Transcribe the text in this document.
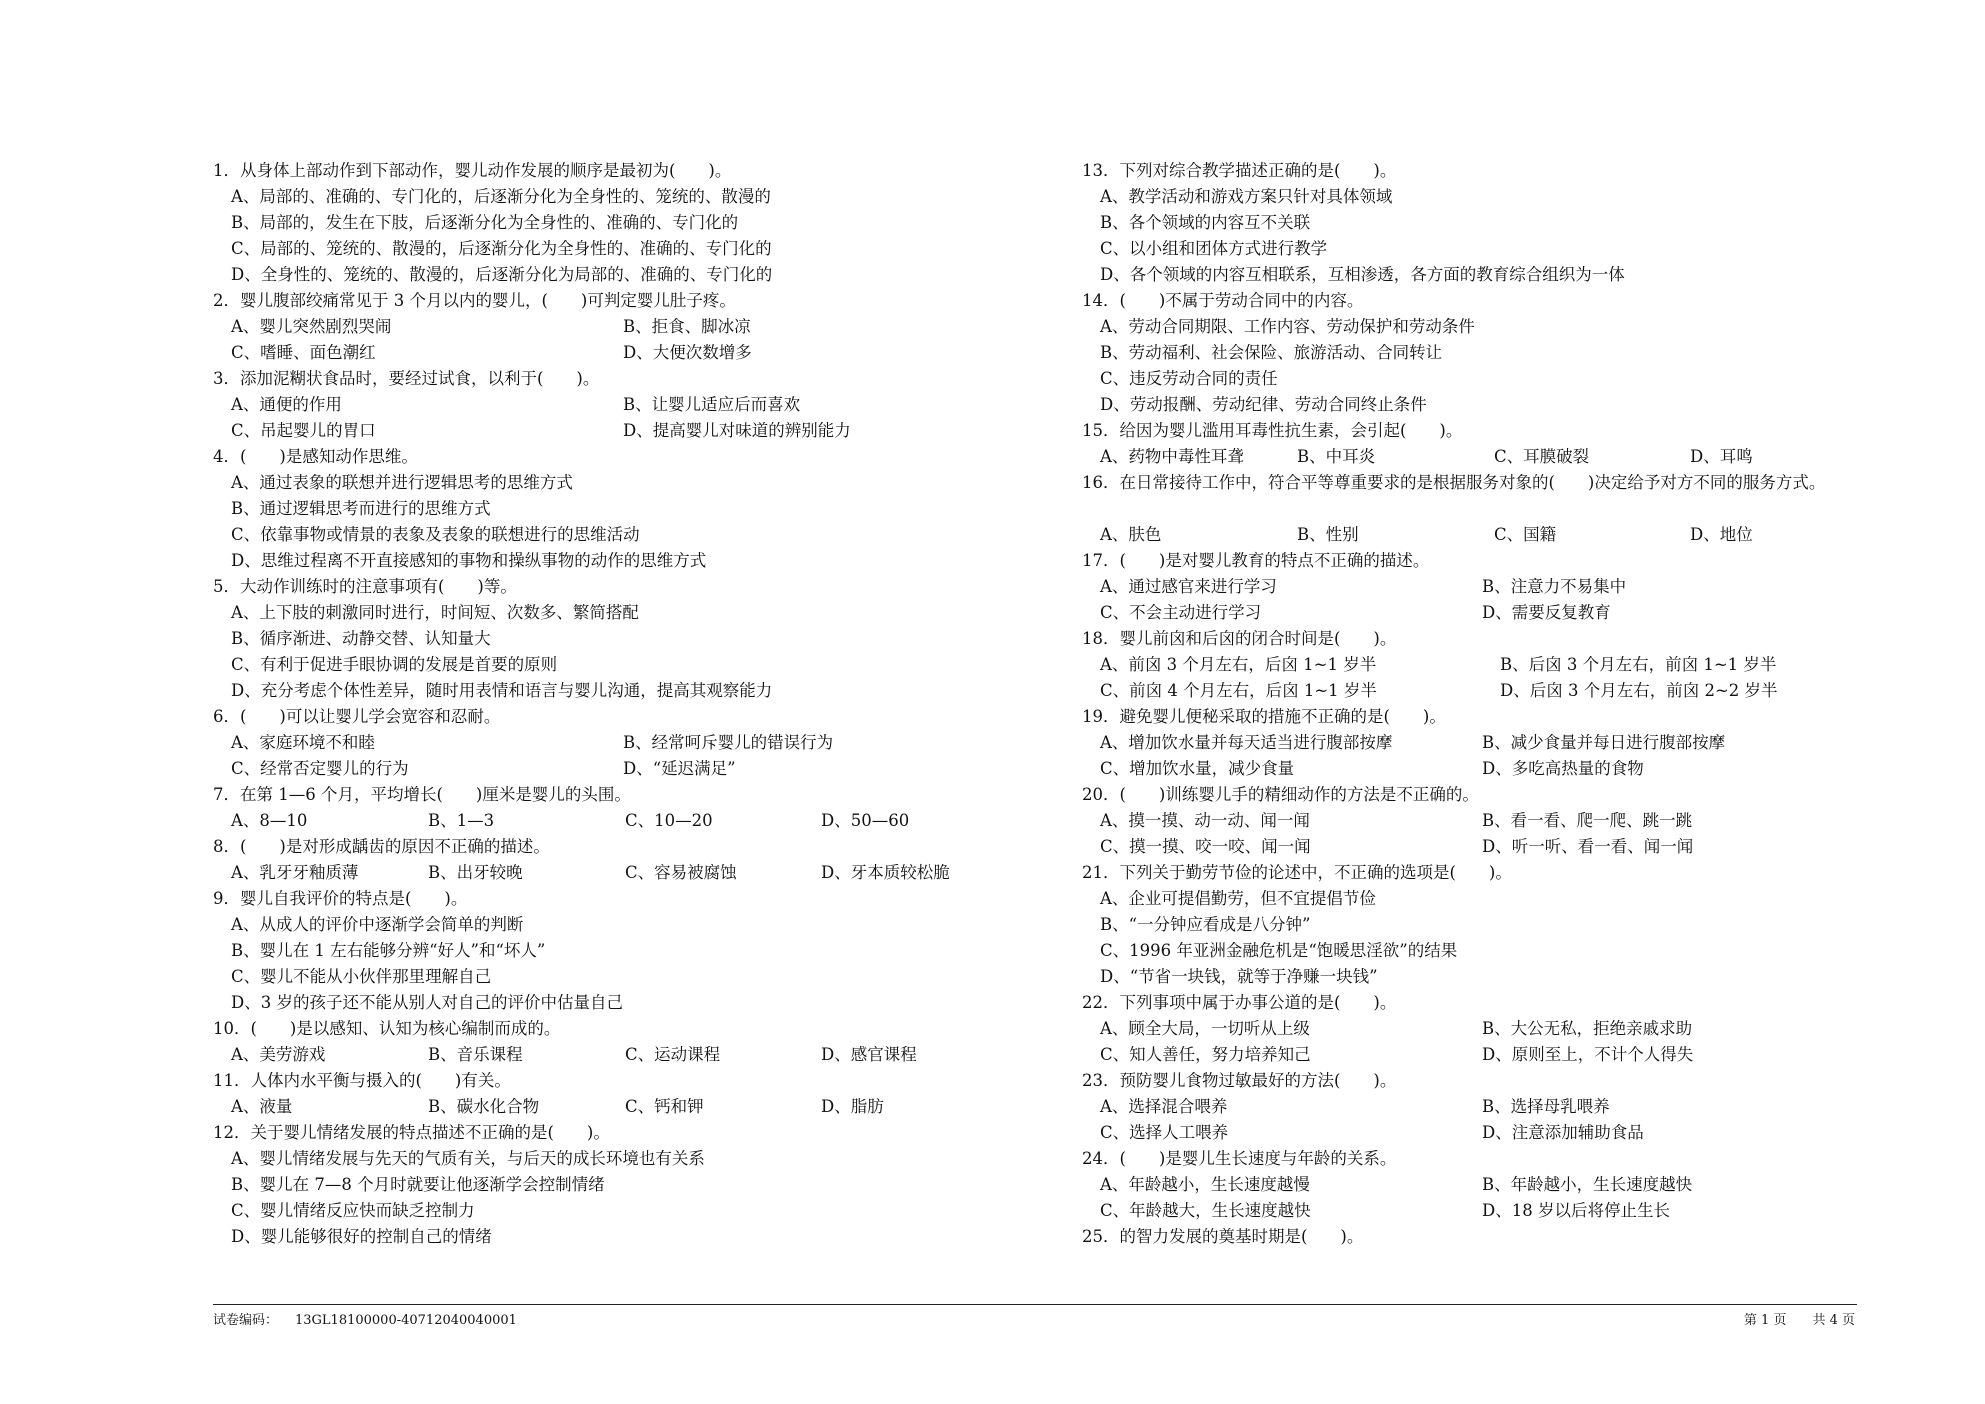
1．从身体上部动作到下部动作，婴儿动作发展的顺序是最初为(　　)。
A、局部的、准确的、专门化的，后逐渐分化为全身性的、笼统的、散漫的
B、局部的，发生在下肢，后逐渐分化为全身性的、准确的、专门化的
C、局部的、笼统的、散漫的，后逐渐分化为全身性的、准确的、专门化的
D、全身性的、笼统的、散漫的，后逐渐分化为局部的、准确的、专门化的
2．婴儿腹部绞痛常见于 3 个月以内的婴儿，(　　)可判定婴儿肚子疼。
A、婴儿突然剧烈哭闹	B、拒食、脚冰凉
C、嗜睡、面色潮红	D、大便次数增多
3．添加泥糊状食品时，要经过试食，以利于(　　)。
A、通便的作用	B、让婴儿适应后而喜欢
C、吊起婴儿的胃口	D、提高婴儿对味道的辨别能力
4．(　　)是感知动作思维。
A、通过表象的联想并进行逻辑思考的思维方式
B、通过逻辑思考而进行的思维方式
C、依靠事物或情景的表象及表象的联想进行的思维活动
D、思维过程离不开直接感知的事物和操纵事物的动作的思维方式
5．大动作训练时的注意事项有(　　)等。
A、上下肢的刺激同时进行，时间短、次数多、繁简搭配
B、循序渐进、动静交替、认知量大
C、有利于促进手眼协调的发展是首要的原则
D、充分考虑个体性差异，随时用表情和语言与婴儿沟通，提高其观察能力
6．(　　)可以让婴儿学会宽容和忍耐。
A、家庭环境不和睦	B、经常呵斥婴儿的错误行为
C、经常否定婴儿的行为	D、“延迟满足”
7．在第 1—6 个月，平均增长(　　)厘米是婴儿的头围。
A、8—10	B、1—3	C、10—20	D、50—60
8．(　　)是对形成龋齿的原因不正确的描述。
A、乳牙牙釉质薄	B、出牙较晚	C、容易被腐蚀	D、牙本质较松脆
9．婴儿自我评价的特点是(　　)。
A、从成人的评价中逐渐学会简单的判断
B、婴儿在 1 左右能够分辨“好人”和“坏人”
C、婴儿不能从小伙伴那里理解自己
D、3 岁的孩子还不能从别人对自己的评价中估量自己
10．(　　)是以感知、认知为核心编制而成的。
A、美劳游戏	B、音乐课程	C、运动课程	D、感官课程
11．人体内水平衡与摄入的(　　)有关。
A、液量	B、碳水化合物	C、钙和钾	D、脂肪
12．关于婴儿情绪发展的特点描述不正确的是(　　)。
A、婴儿情绪发展与先天的气质有关，与后天的成长环境也有关系
B、婴儿在 7—8 个月时就要让他逐渐学会控制情绪
C、婴儿情绪反应快而缺乏控制力
D、婴儿能够很好的控制自己的情绪
13．下列对综合教学描述正确的是(　　)。
A、教学活动和游戏方案只针对具体领域
B、各个领域的内容互不关联
C、以小组和团体方式进行教学
D、各个领域的内容互相联系，互相渗透，各方面的教育综合组织为一体
14．(　　)不属于劳动合同中的内容。
A、劳动合同期限、工作内容、劳动保护和劳动条件
B、劳动福利、社会保险、旅游活动、合同转让
C、违反劳动合同的责任
D、劳动报酬、劳动纪律、劳动合同终止条件
15．给因为婴儿滥用耳毒性抗生素，会引起(　　)。
A、药物中毒性耳聋	B、中耳炎	C、耳膜破裂	D、耳鸣
16．在日常接待工作中，符合平等尊重要求的是根据服务对象的(　　)决定给予对方不同的服务方式。
A、肤色	B、性别	C、国籍	D、地位
17．(　　)是对婴儿教育的特点不正确的描述。
A、通过感官来进行学习	B、注意力不易集中
C、不会主动进行学习	D、需要反复教育
18．婴儿前囟和后囟的闭合时间是(　　)。
A、前囟 3 个月左右，后囟 1~1 岁半	B、后囟 3 个月左右，前囟 1~1 岁半
C、前囟 4 个月左右，后囟 1~1 岁半	D、后囟 3 个月左右，前囟 2~2 岁半
19．避免婴儿便秘采取的措施不正确的是(　　)。
A、增加饮水量并每天适当进行腹部按摩	B、减少食量并每日进行腹部按摩
C、增加饮水量，减少食量	D、多吃高热量的食物
20．(　　)训练婴儿手的精细动作的方法是不正确的。
A、摸一摸、动一动、闻一闻	B、看一看、爬一爬、跳一跳
C、摸一摸、咬一咬、闻一闻	D、听一听、看一看、闻一闻
21．下列关于勤劳节俭的论述中，不正确的选项是(　　)。
A、企业可提倡勤劳，但不宜提倡节俭
B、“一分钟应看成是八分钟”
C、1996 年亚洲金融危机是“饱暖思淫欲”的结果
D、“节省一块钱，就等于净赚一块钱”
22．下列事项中属于办事公道的是(　　)。
A、顾全大局，一切听从上级	B、大公无私，拒绝亲戚求助
C、知人善任，努力培养知己	D、原则至上，不计个人得失
23．预防婴儿食物过敏最好的方法(　　)。
A、选择混合喂养	B、选择母乳喂养
C、选择人工喂养	D、注意添加辅助食品
24．(　　)是婴儿生长速度与年龄的关系。
A、年龄越小，生长速度越慢	B、年龄越小，生长速度越快
C、年龄越大，生长速度越快	D、18 岁以后将停止生长
25．的智力发展的奠基时期是(　　)。
试卷编码： 13GL18100000-40712040040001	第 1 页　　共 4 页
